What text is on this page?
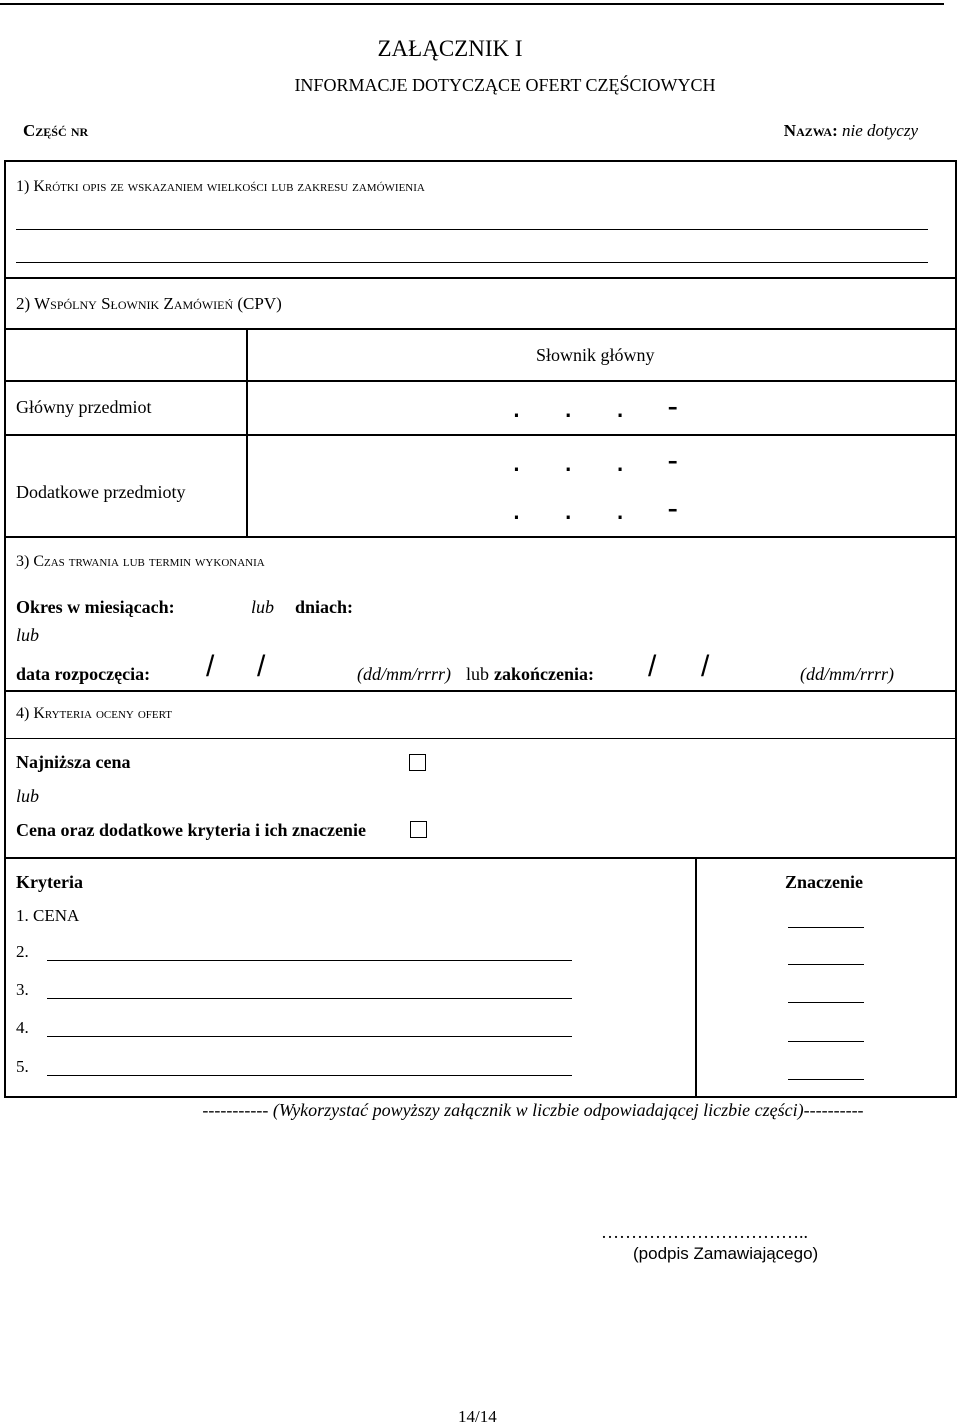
ZAŁĄCZNIK I
INFORMACJE DOTYCZĄCE OFERT CZĘŚCIOWYCH
Część nr	Nazwa: nie dotyczy
1) Krótki opis ze wskazaniem wielkości lub zakresu zamówienia
2) Wspólny Słownik Zamówień (CPV)
Słownik główny
Główny przedmiot	. . . -
Dodatkowe przedmioty
. . . -
. . . -
3) Czas trwania lub termin wykonania
Okres w miesiącach:	lub dniach:
lub
data rozpoczęcia: / /	(dd/mm/rrrr) lub zakończenia: / /	(dd/mm/rrrr)
4) Kryteria oceny ofert
Najniższa cena
lub
Cena oraz dodatkowe kryteria i ich znaczenie
Kryteria	Znaczenie
1. CENA
2.
3.
4.
5.
----------- (Wykorzystać powyższy załącznik w liczbie odpowiadającej liczbie części)----------
……………………………..
(podpis Zamawiającego)
14/14
